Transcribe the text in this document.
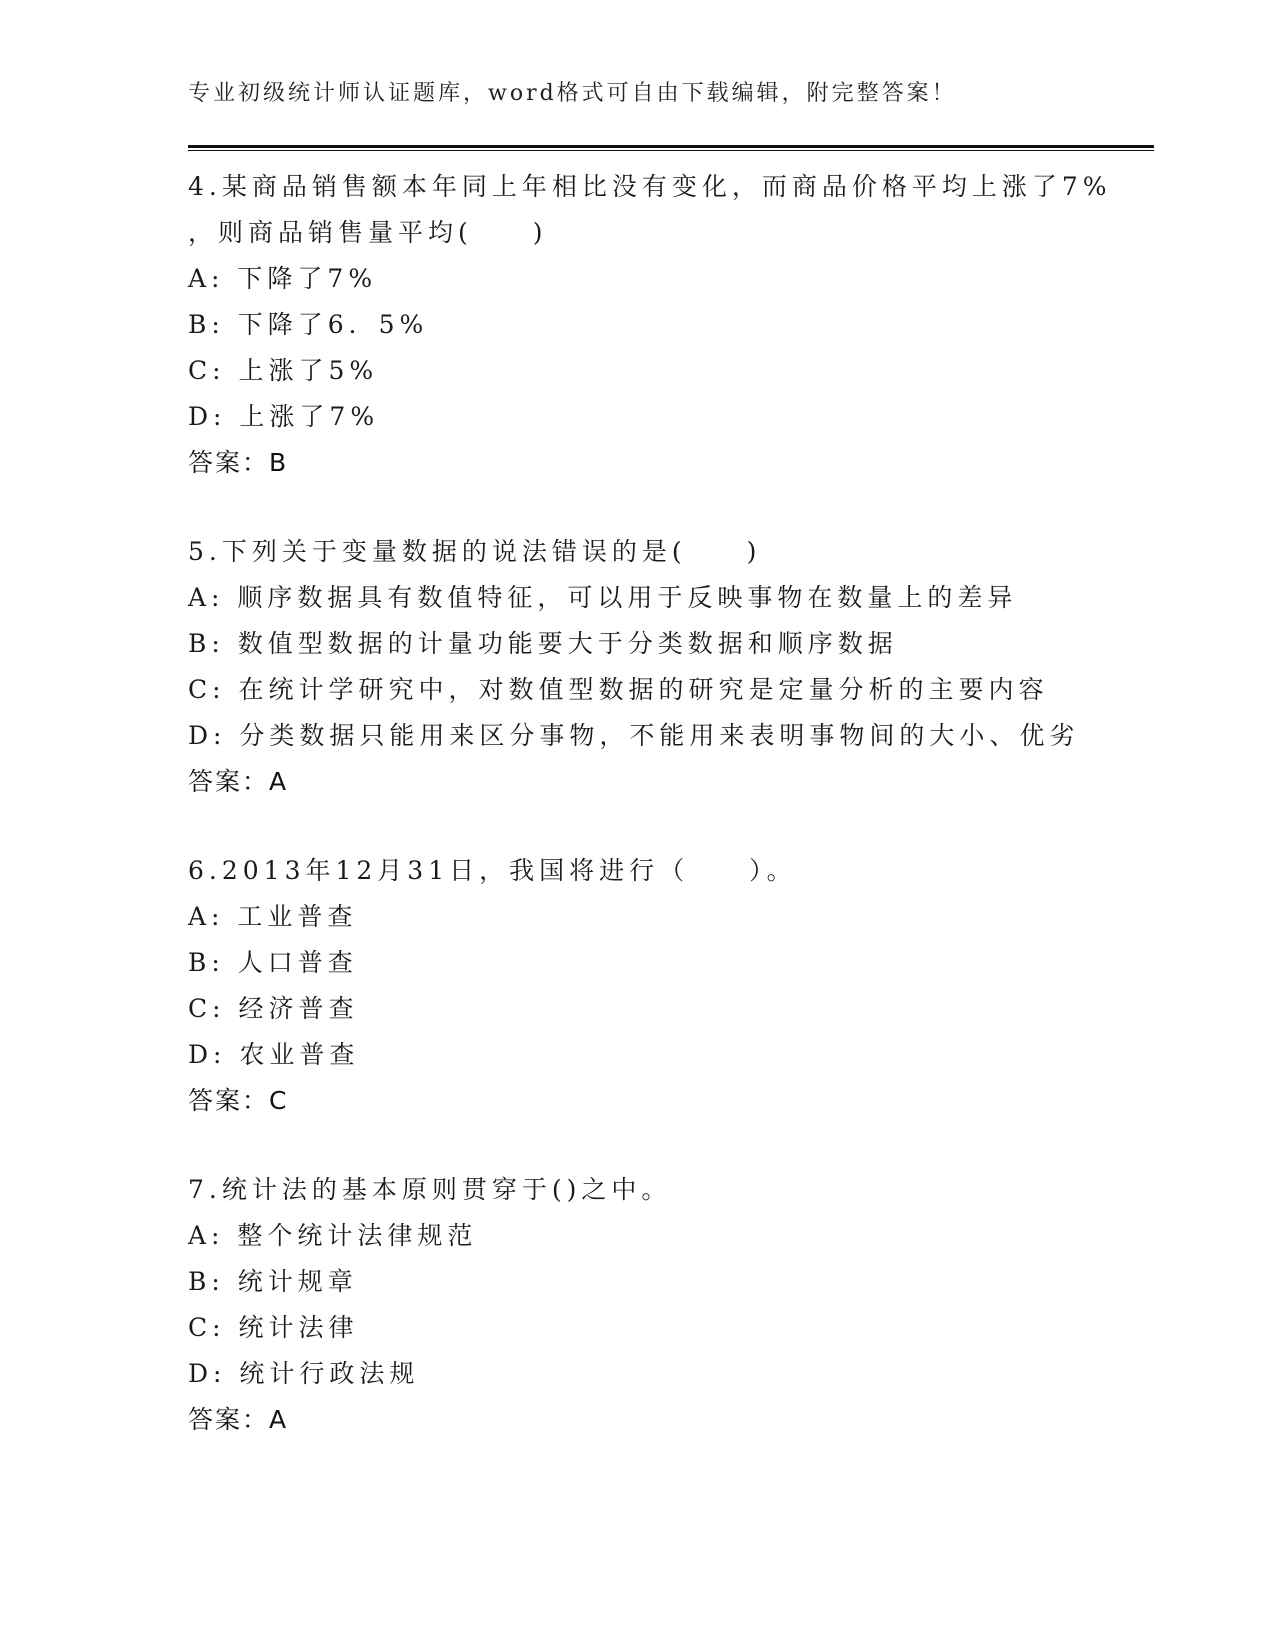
专业初级统计师认证题库，word格式可自由下载编辑，附完整答案！
4.某商品销售额本年同上年相比没有变化，而商品价格平均上涨了7%
，则商品销售量平均(　　)
A: 下降了7%
B: 下降了6．5%
C: 上涨了5%
D: 上涨了7%
答案：B
5.下列关于变量数据的说法错误的是(　　)
A: 顺序数据具有数值特征，可以用于反映事物在数量上的差异
B: 数值型数据的计量功能要大于分类数据和顺序数据
C: 在统计学研究中，对数值型数据的研究是定量分析的主要内容
D: 分类数据只能用来区分事物，不能用来表明事物间的大小、优劣
答案：A
6.2013年12月31日，我国将进行（　　）。
A: 工业普查
B: 人口普查
C: 经济普查
D: 农业普查
答案：C
7.统计法的基本原则贯穿于()之中。
A: 整个统计法律规范
B: 统计规章
C: 统计法律
D: 统计行政法规
答案：A
